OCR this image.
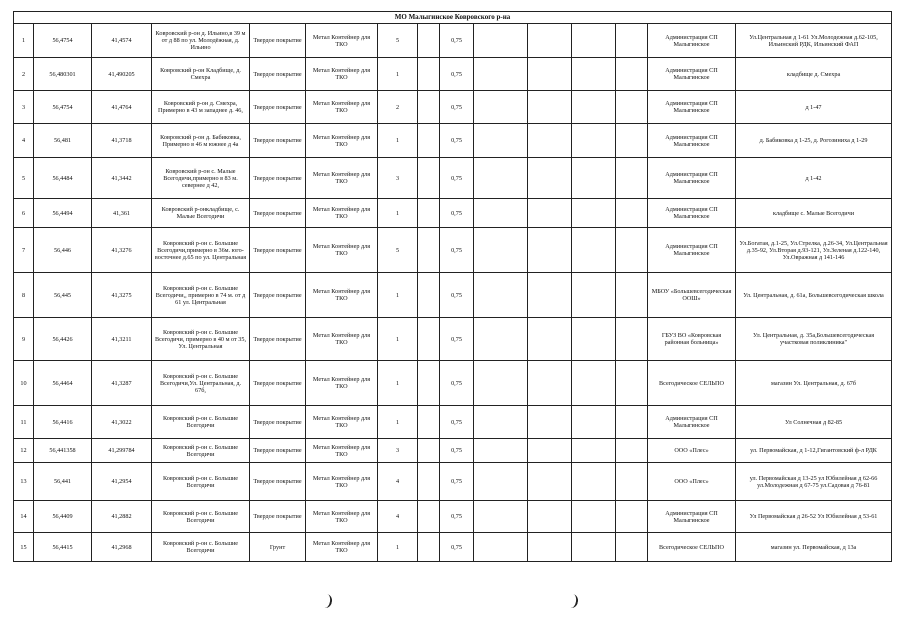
МО Малыгинское Ковровского р-на														
1	56,4754	41,4574	Ковровский р-он д. Ильино,в 39 м от д 88 по ул. Молодёжная, д. Ильино	Твердое покрытие	Метал Контейнер для ТКО	5		0,75					Администрация СП Малыгинское	Ул.Центральная д 1-61 Ул.Молодежная д.62-105, Ильинский РДК, Ильинский ФАП
2	56,480301	41,490205	Ковровский р-он Кладбище, д. Смехра	Твердое покрытие	Метал Контейнер для ТКО	1		0,75					Администрация СП Малыгинское	кладбище д. Смехра
3	56,4754	41,4764	Ковровский р-он д. Смехра, Примерно в 43 м западнее д. 46,	Твердое покрытие	Метал Контейнер для ТКО	2		0,75					Администрация СП Малыгинское	д 1-47
4	56,481	41,3718	Ковровский р-он д. Бабиковка, Примерно в 46 м южнее д 4а	Твердое покрытие	Метал Контейнер для ТКО	1		0,75					Администрация СП Малыгинское	д. Бабиковка д 1-25, д. Рогозиниха д 1-29
5	56,4484	41,3442	Ковровский р-он с. Малые Всегодичи,примерно в 83 м. севернее д 42,	Твердое покрытие	Метал Контейнер для ТКО	3		0,75					Администрация СП Малыгинское	д 1-42
6	56,4494	41,361	Ковровский р-онкладбище, с. Малые Всегодичи	Твердое покрытие	Метал Контейнер для ТКО	1		0,75					Администрация СП Малыгинское	кладбище с. Малые Всегодичи
7	56,446	41,3276	Ковровский р-он с. Большие Всегодичи,примерно в 36м. юго-восточнее д.65 по ул. Центральная	Твердое покрытие	Метал Контейнер для ТКО	5		0,75					Администрация СП Малыгинское	Ул.Богатая, д.1-25, Ул.Стрелка, д.26-34, Ул.Центральная д.35-92, Ул.Вторая д.93-121, Ул.Зеленая д.122-140, Ул.Овражная д 141-146
8	56,445	41,3275	Ковровский р-он с. Большие Всегодичи,, примерно в 74 м. от д 61 ул. Центральная	Твердое покрытие	Метал Контейнер для ТКО	1		0,75					МБОУ «Большевсегодическая ООШ»	Ул. Центральная, д. 61а, Большевсегодическая школа
9	56,4426	41,3211	Ковровский р-он с. Большие Всегодичи, примерно в 40 м от 35, Ул. Центральная	Твердое покрытие	Метал Контейнер для ТКО	1		0,75					ГБУЗ ВО «Ковровская районная больница»	Ул. Центральная, д. 35а,Большевсегодическая участковая поликлиника"
10	56,4464	41,3287	Ковровский р-он с. Большие Всегодичи,Ул. Центральная, д. 67б,	Твердое покрытие	Метал Контейнер для ТКО	1		0,75					Всегодическое СЕЛЬПО	магазин Ул. Центральная, д. 67б
11	56,4416	41,3022	Ковровский р-он с. Большие Всегодичи	Твердое покрытие	Метал Контейнер для ТКО	1		0,75					Администрация СП Малыгинское	Ул Солнечная д 82-85
12	56,441358	41,299784	Ковровский р-он с. Большие Всегодичи	Твердое покрытие	Метал Контейнер для ТКО	3		0,75					ООО «Плес»	ул. Первомайская, д 1-12,Гигантовский ф-л РДК
13	56,441	41,2954	Ковровский р-он с. Большие Всегодичи	Твердое покрытие	Метал Контейнер для ТКО	4		0,75					ООО «Плес»	ул. Первомайская д 13-25 ул Юбилейная д 62-66 ул.Молодежная д 67-75 ул.Садовая д 76-81
14	56,4409	41,2882	Ковровский р-он с. Большие Всегодичи	Твердое покрытие	Метал Контейнер для ТКО	4		0,75					Администрация СП Малыгинское	Ул Первомайская д 26-52 Ул Юбилейная д 53-61
15	56,4415	41,2968	Ковровский р-он с. Большие Всегодичи	Грунт	Метал Контейнер для ТКО	1		0,75					Всегодическое СЕЛЬПО	магазин ул. Первомайская, д 13а
